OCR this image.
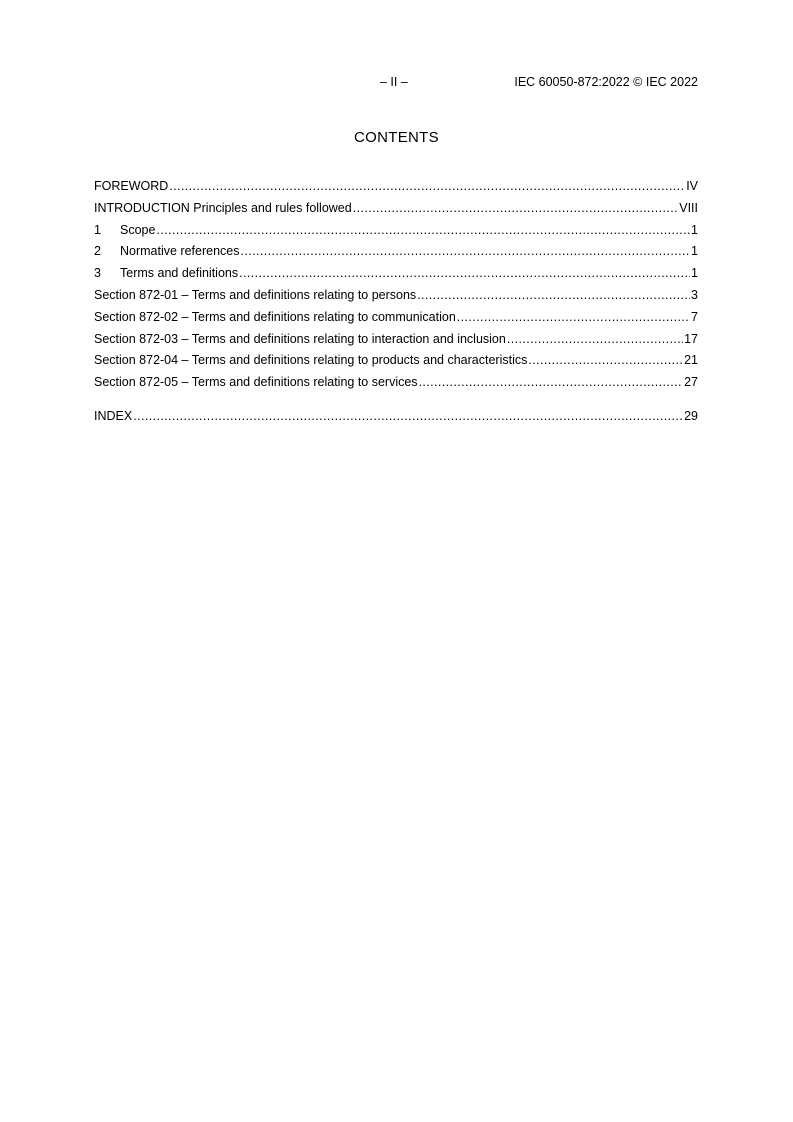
– II –	IEC 60050-872:2022 © IEC 2022
CONTENTS
FOREWORD .....	IV
INTRODUCTION Principles and rules followed .....	VIII
1	Scope .....	1
2	Normative references .....	1
3	Terms and definitions .....	1
Section 872-01 – Terms and definitions relating to persons .....	3
Section 872-02 – Terms and definitions relating to communication .....	7
Section 872-03 – Terms and definitions relating to interaction and inclusion .....	17
Section 872-04 – Terms and definitions relating to products and characteristics .....	21
Section 872-05 – Terms and definitions relating to services .....	27
INDEX .....	29
